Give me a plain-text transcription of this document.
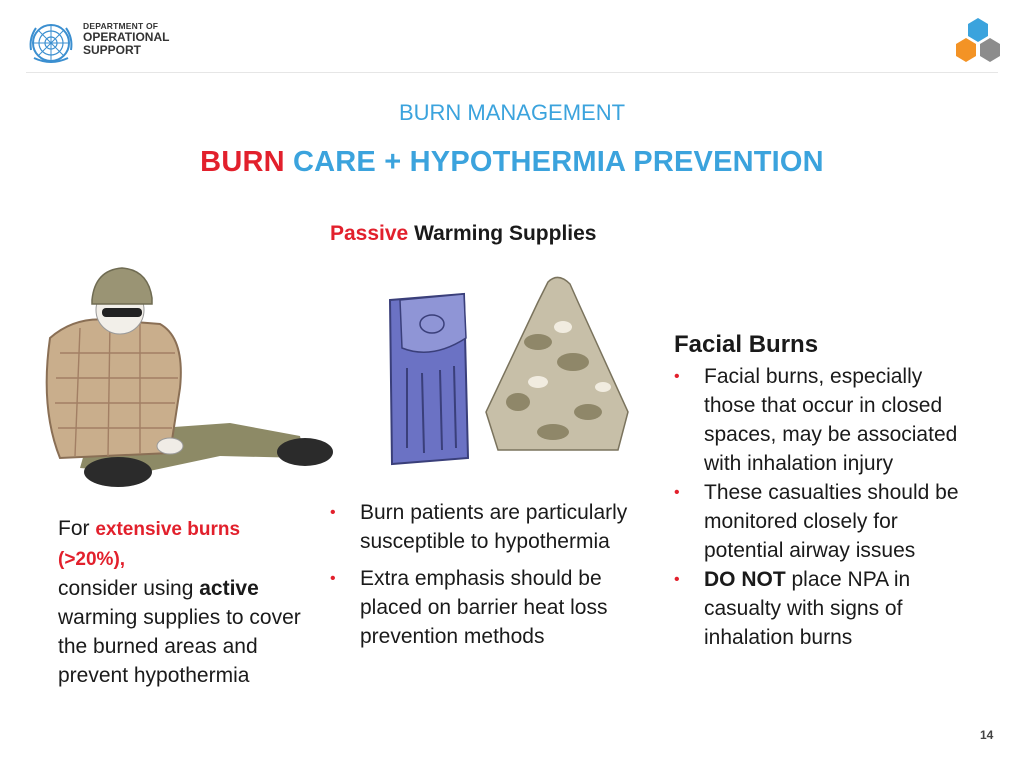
DEPARTMENT OF
OPERATIONAL
SUPPORT
BURN MANAGEMENT
BURN CARE + HYPOTHERMIA PREVENTION
Passive Warming Supplies
For extensive burns (>20%),
consider using active warming supplies to cover the burned areas and prevent hypothermia
• Burn patients are particularly susceptible to hypothermia
• Extra emphasis should be placed on barrier heat loss prevention methods
Facial Burns
• Facial burns, especially those that occur in closed spaces, may be associated with inhalation injury
• These casualties should be monitored closely for potential airway issues
• DO NOT place NPA in casualty with signs of inhalation burns
14
